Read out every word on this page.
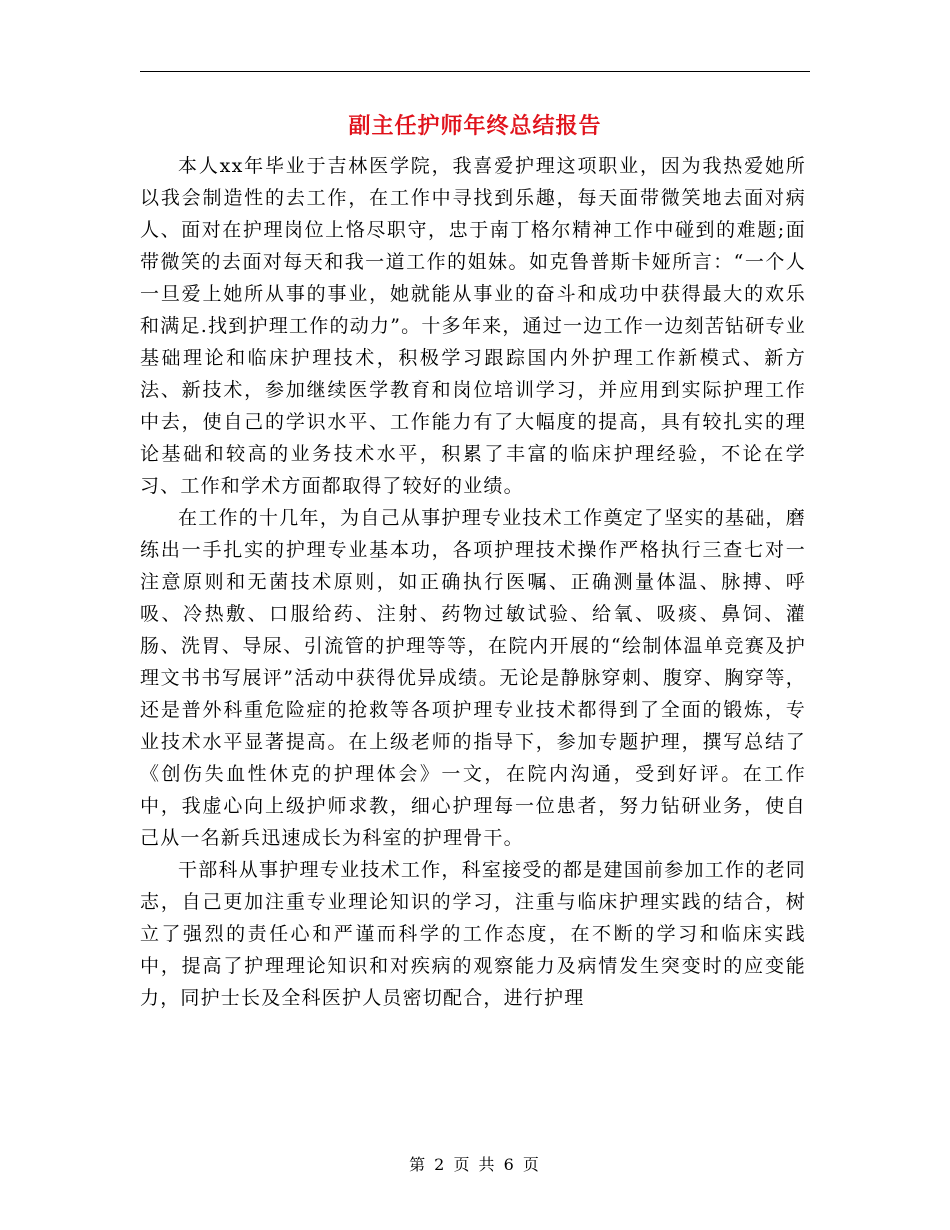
副主任护师年终总结报告

本人xx年毕业于吉林医学院，我喜爱护理这项职业，因为我热爱她所以我会制造性的去工作，在工作中寻找到乐趣，每天面带微笑地去面对病人、面对在护理岗位上恪尽职守，忠于南丁格尔精神工作中碰到的难题;面带微笑的去面对每天和我一道工作的姐妹。如克鲁普斯卡娅所言：“一个人一旦爱上她所从事的事业，她就能从事业的奋斗和成功中获得最大的欢乐和满足.找到护理工作的动力”。十多年来，通过一边工作一边刻苦钻研专业基础理论和临床护理技术，积极学习跟踪国内外护理工作新模式、新方法、新技术，参加继续医学教育和岗位培训学习，并应用到实际护理工作中去，使自己的学识水平、工作能力有了大幅度的提高，具有较扎实的理论基础和较高的业务技术水平，积累了丰富的临床护理经验，不论在学习、工作和学术方面都取得了较好的业绩。

在工作的十几年，为自己从事护理专业技术工作奠定了坚实的基础，磨练出一手扎实的护理专业基本功，各项护理技术操作严格执行三查七对一注意原则和无菌技术原则，如正确执行医嘱、正确测量体温、脉搏、呼吸、冷热敷、口服给药、注射、药物过敏试验、给氧、吸痰、鼻饲、灌肠、洗胃、导尿、引流管的护理等等，在院内开展的“绘制体温单竞赛及护理文书书写展评”活动中获得优异成绩。无论是静脉穿刺、腹穿、胸穿等，还是普外科重危险症的抢救等各项护理专业技术都得到了全面的锻炼，专业技术水平显著提高。在上级老师的指导下，参加专题护理，撰写总结了《创伤失血性休克的护理体会》一文，在院内沟通，受到好评。在工作中，我虚心向上级护师求教，细心护理每一位患者，努力钻研业务，使自己从一名新兵迅速成长为科室的护理骨干。

干部科从事护理专业技术工作，科室接受的都是建国前参加工作的老同志，自己更加注重专业理论知识的学习，注重与临床护理实践的结合，树立了强烈的责任心和严谨而科学的工作态度，在不断的学习和临床实践中，提高了护理理论知识和对疾病的观察能力及病情发生突变时的应变能力，同护士长及全科医护人员密切配合，进行护理

第 2 页 共 6 页
